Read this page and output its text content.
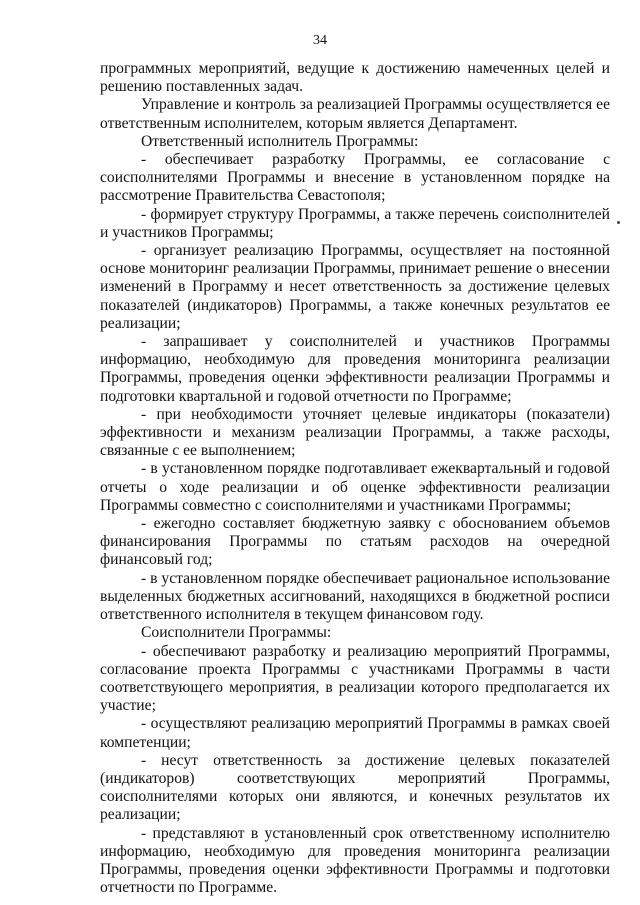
34

программных мероприятий, ведущие к достижению намеченных целей и решению поставленных задач.

Управление и контроль за реализацией Программы осуществляется ее ответственным исполнителем, которым является Департамент.

Ответственный исполнитель Программы:

- обеспечивает разработку Программы, ее согласование с соисполнителями Программы и внесение в установленном порядке на рассмотрение Правительства Севастополя;

- формирует структуру Программы, а также перечень соисполнителей и участников Программы;

- организует реализацию Программы, осуществляет на постоянной основе мониторинг реализации Программы, принимает решение о внесении изменений в Программу и несет ответственность за достижение целевых показателей (индикаторов) Программы, а также конечных результатов ее реализации;

- запрашивает у соисполнителей и участников Программы информацию, необходимую для проведения мониторинга реализации Программы, проведения оценки эффективности реализации Программы и подготовки квартальной и годовой отчетности по Программе;

- при необходимости уточняет целевые индикаторы (показатели) эффективности и механизм реализации Программы, а также расходы, связанные с ее выполнением;

- в установленном порядке подготавливает ежеквартальный и годовой отчеты о ходе реализации и об оценке эффективности реализации Программы совместно с соисполнителями и участниками Программы;

- ежегодно составляет бюджетную заявку с обоснованием объемов финансирования Программы по статьям расходов на очередной финансовый год;

- в установленном порядке обеспечивает рациональное использование выделенных бюджетных ассигнований, находящихся в бюджетной росписи ответственного исполнителя в текущем финансовом году.

Соисполнители Программы:

- обеспечивают разработку и реализацию мероприятий Программы, согласование проекта Программы с участниками Программы в части соответствующего мероприятия, в реализации которого предполагается их участие;

- осуществляют реализацию мероприятий Программы в рамках своей компетенции;

- несут ответственность за достижение целевых показателей (индикаторов) соответствующих мероприятий Программы, соисполнителями которых они являются, и конечных результатов их реализации;

- представляют в установленный срок ответственному исполнителю информацию, необходимую для проведения мониторинга реализации Программы, проведения оценки эффективности Программы и подготовки отчетности по Программе.
